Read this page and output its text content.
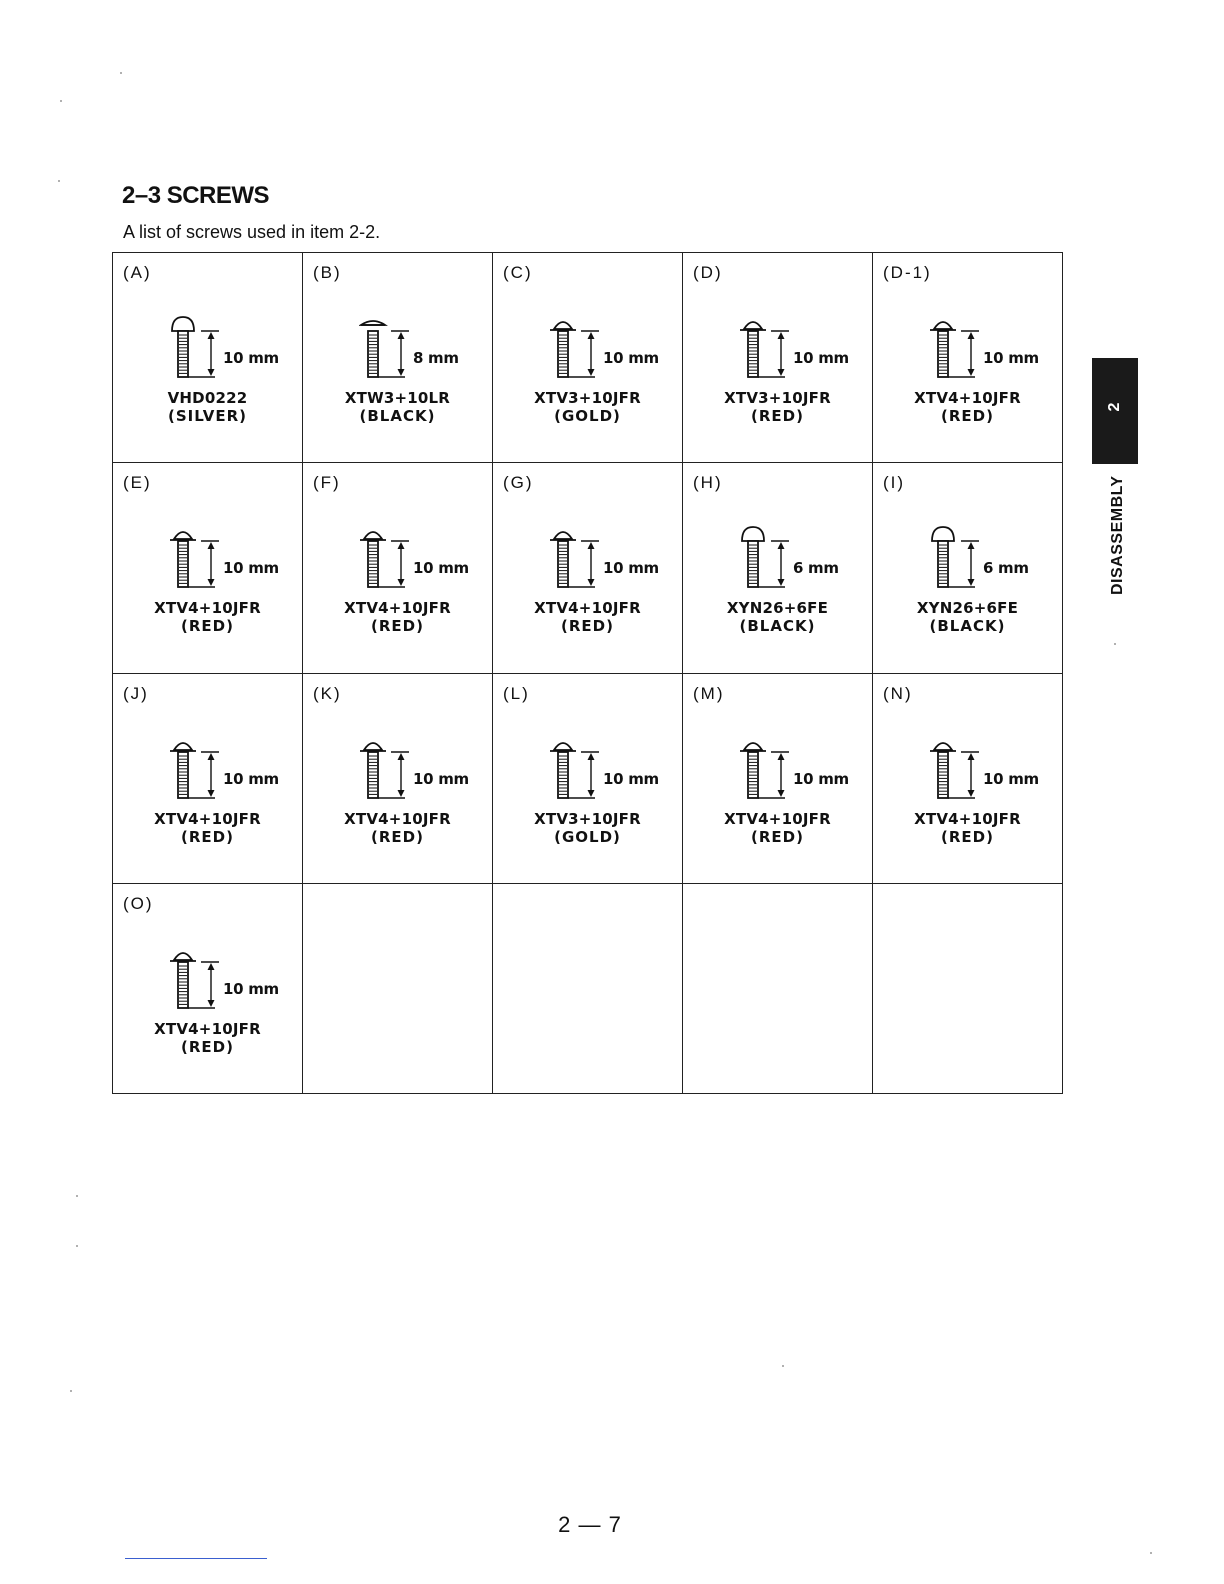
2–3 SCREWS
A list of screws used in item 2-2.
(A)
10 mm
VHD0222
(SILVER)
(B)
8 mm
XTW3+10LR
(BLACK)
(C)
10 mm
XTV3+10JFR
(GOLD)
(D)
10 mm
XTV3+10JFR
(RED)
(D-1)
10 mm
XTV4+10JFR
(RED)
(E)
10 mm
XTV4+10JFR
(RED)
(F)
10 mm
XTV4+10JFR
(RED)
(G)
10 mm
XTV4+10JFR
(RED)
(H)
6 mm
XYN26+6FE
(BLACK)
(I)
6 mm
XYN26+6FE
(BLACK)
(J)
10 mm
XTV4+10JFR
(RED)
(K)
10 mm
XTV4+10JFR
(RED)
(L)
10 mm
XTV3+10JFR
(GOLD)
(M)
10 mm
XTV4+10JFR
(RED)
(N)
10 mm
XTV4+10JFR
(RED)
(O)
10 mm
XTV4+10JFR
(RED)
2
DISASSEMBLY
2 — 7
